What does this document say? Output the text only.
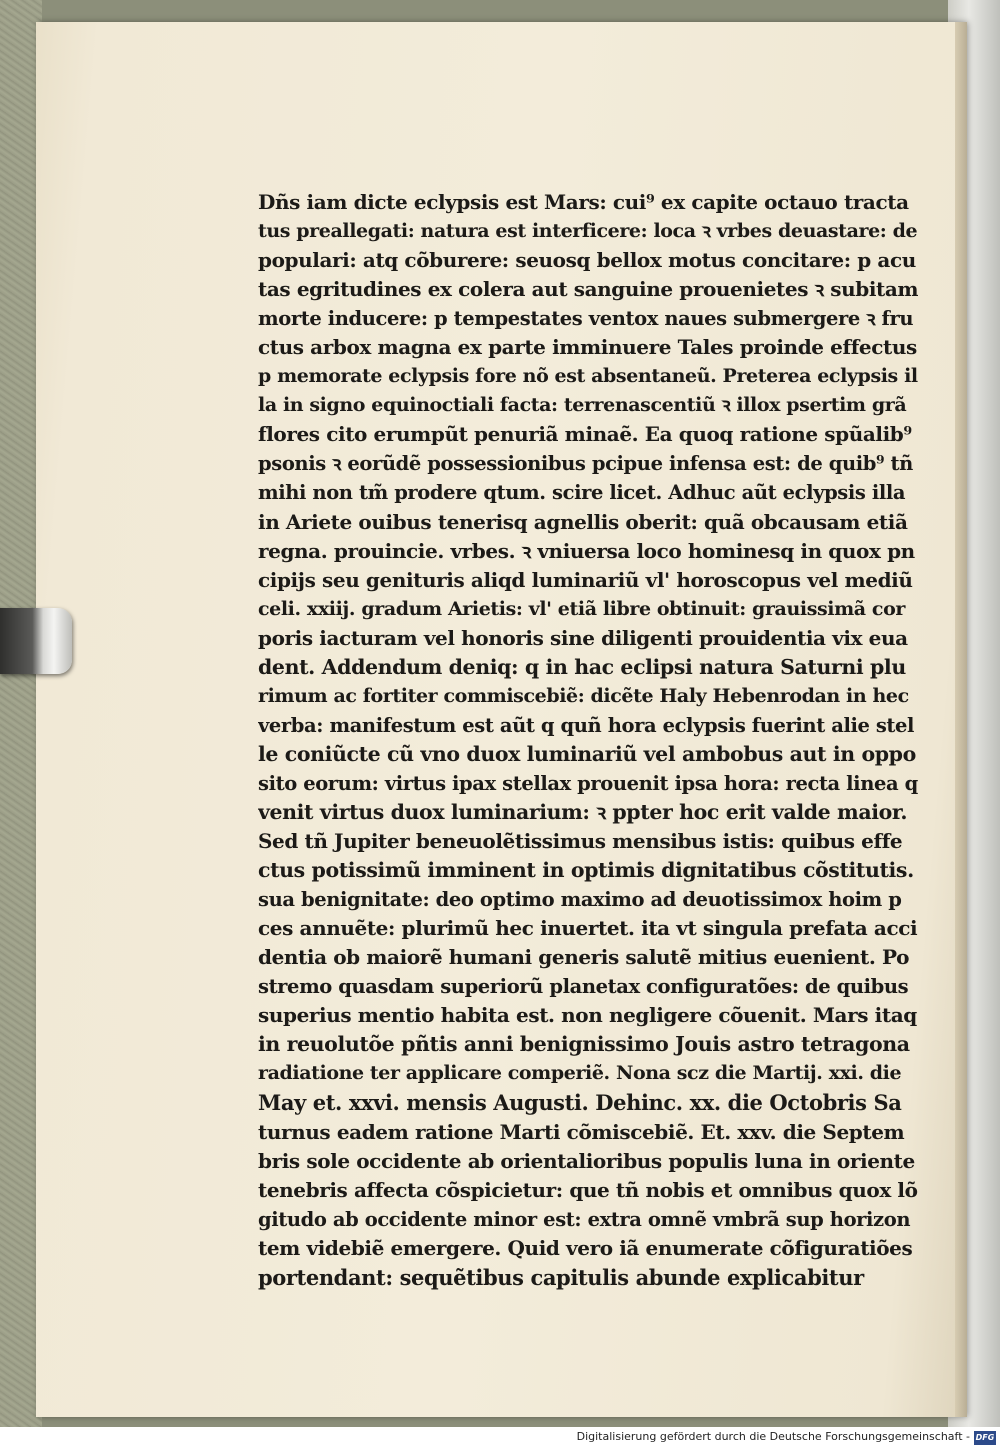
Dñs iam dicte eclypsis est Mars: cui⁹ ex capite octauo tracta
tus preallegati: natura est interficere: loca ꝛ vrbes deuastare: de
populari: atq cõburere: seuosq bellox motus concitare: p acu
tas egritudines ex colera aut sanguine prouenietes ꝛ subitam
morte inducere: p tempestates ventox naues submergere ꝛ fru
ctus arbox magna ex parte imminuere Tales proinde effectus
p memorate eclypsis fore nõ est absentaneũ. Preterea eclypsis il
la in signo equinoctiali facta: terrenascentiũ ꝛ illox psertim grã
flores cito erumpũt penuriã minaẽ. Ea quoq ratione spũalib⁹
psonis ꝛ eorũdẽ possessionibus pcipue infensa est: de quib⁹ tñ
mihi non tm̃ prodere qtum. scire licet. Adhuc aũt eclypsis illa
in Ariete ouibus tenerisq agnellis oberit: quã obcausam etiã
regna. prouincie. vrbes. ꝛ vniuersa loco hominesq in quox pn
cipijs seu genituris aliqd luminariũ vl' horoscopus vel mediũ
celi. xxiij. gradum Arietis: vl' etiã libre obtinuit: grauissimã cor
poris iacturam vel honoris sine diligenti prouidentia vix eua
dent. Addendum deniq: q in hac eclipsi natura Saturni plu
rimum ac fortiter commiscebiẽ: dicẽte Haly Hebenrodan in hec
verba: manifestum est aũt q quñ hora eclypsis fuerint alie stel
le coniũcte cũ vno duox luminariũ vel ambobus aut in oppo
sito eorum: virtus ipax stellax prouenit ipsa hora: recta linea q
venit virtus duox luminarium: ꝛ ppter hoc erit valde maior.
Sed tñ Jupiter beneuolẽtissimus mensibus istis: quibus effe
ctus potissimũ imminent in optimis dignitatibus cõstitutis.
sua benignitate: deo optimo maximo ad deuotissimox hoim p
ces annuẽte: plurimũ hec inuertet. ita vt singula prefata acci
dentia ob maiorẽ humani generis salutẽ mitius euenient. Po
stremo quasdam superiorũ planetax configuratões: de quibus
superius mentio habita est. non negligere cõuenit. Mars itaq
in reuolutõe pñtis anni benignissimo Jouis astro tetragona
radiatione ter applicare comperiẽ. Nona scz die Martij. xxi. die
May et. xxvi. mensis Augusti. Dehinc. xx. die Octobris Sa
turnus eadem ratione Marti cõmiscebiẽ. Et. xxv. die Septem
bris sole occidente ab orientalioribus populis luna in oriente
tenebris affecta cõspicietur: que tñ nobis et omnibus quox lõ
gitudo ab occidente minor est: extra omnẽ vmbrã sup horizon
tem videbiẽ emergere. Quid vero iã enumerate cõfiguratiões
portendant: sequẽtibus capitulis abunde explicabitur
Digitalisierung gefördert durch die Deutsche Forschungsgemeinschaft - DFG
